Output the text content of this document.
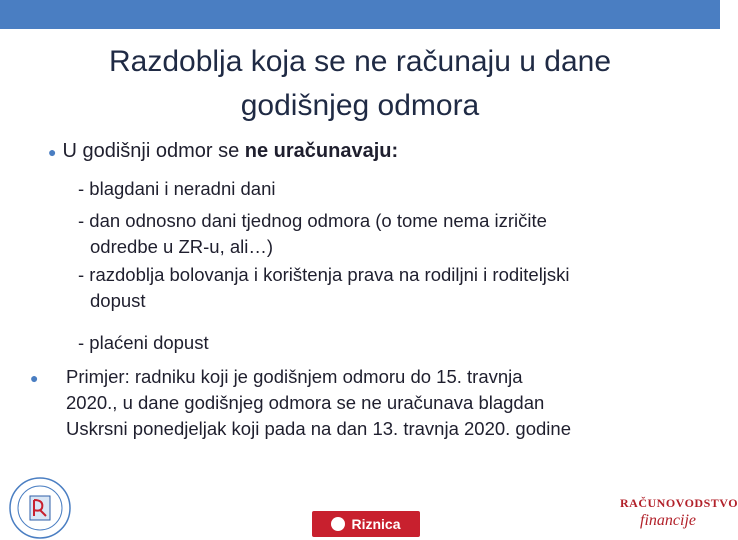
Razdoblja koja se ne računaju u dane
godišnjeg odmora
● U godišnji odmor se ne uračunavaju:
- blagdani i neradni dani
- dan odnosno dani tjednog odmora (o tome nema izričite
odredbe u ZR-u, ali…)
- razdoblja bolovanja i korištenja prava na rodiljni i roditeljski
dopust
- plaćeni dopust
● Primjer: radniku koji je godišnjem odmoru do 15. travnja
2020., u dane godišnjeg odmora se ne uračunava blagdan
Uskrsni ponedjeljak koji pada na dan 13. travnja 2020. godine
Riznica
RAČUNOVODSTVO
financije
